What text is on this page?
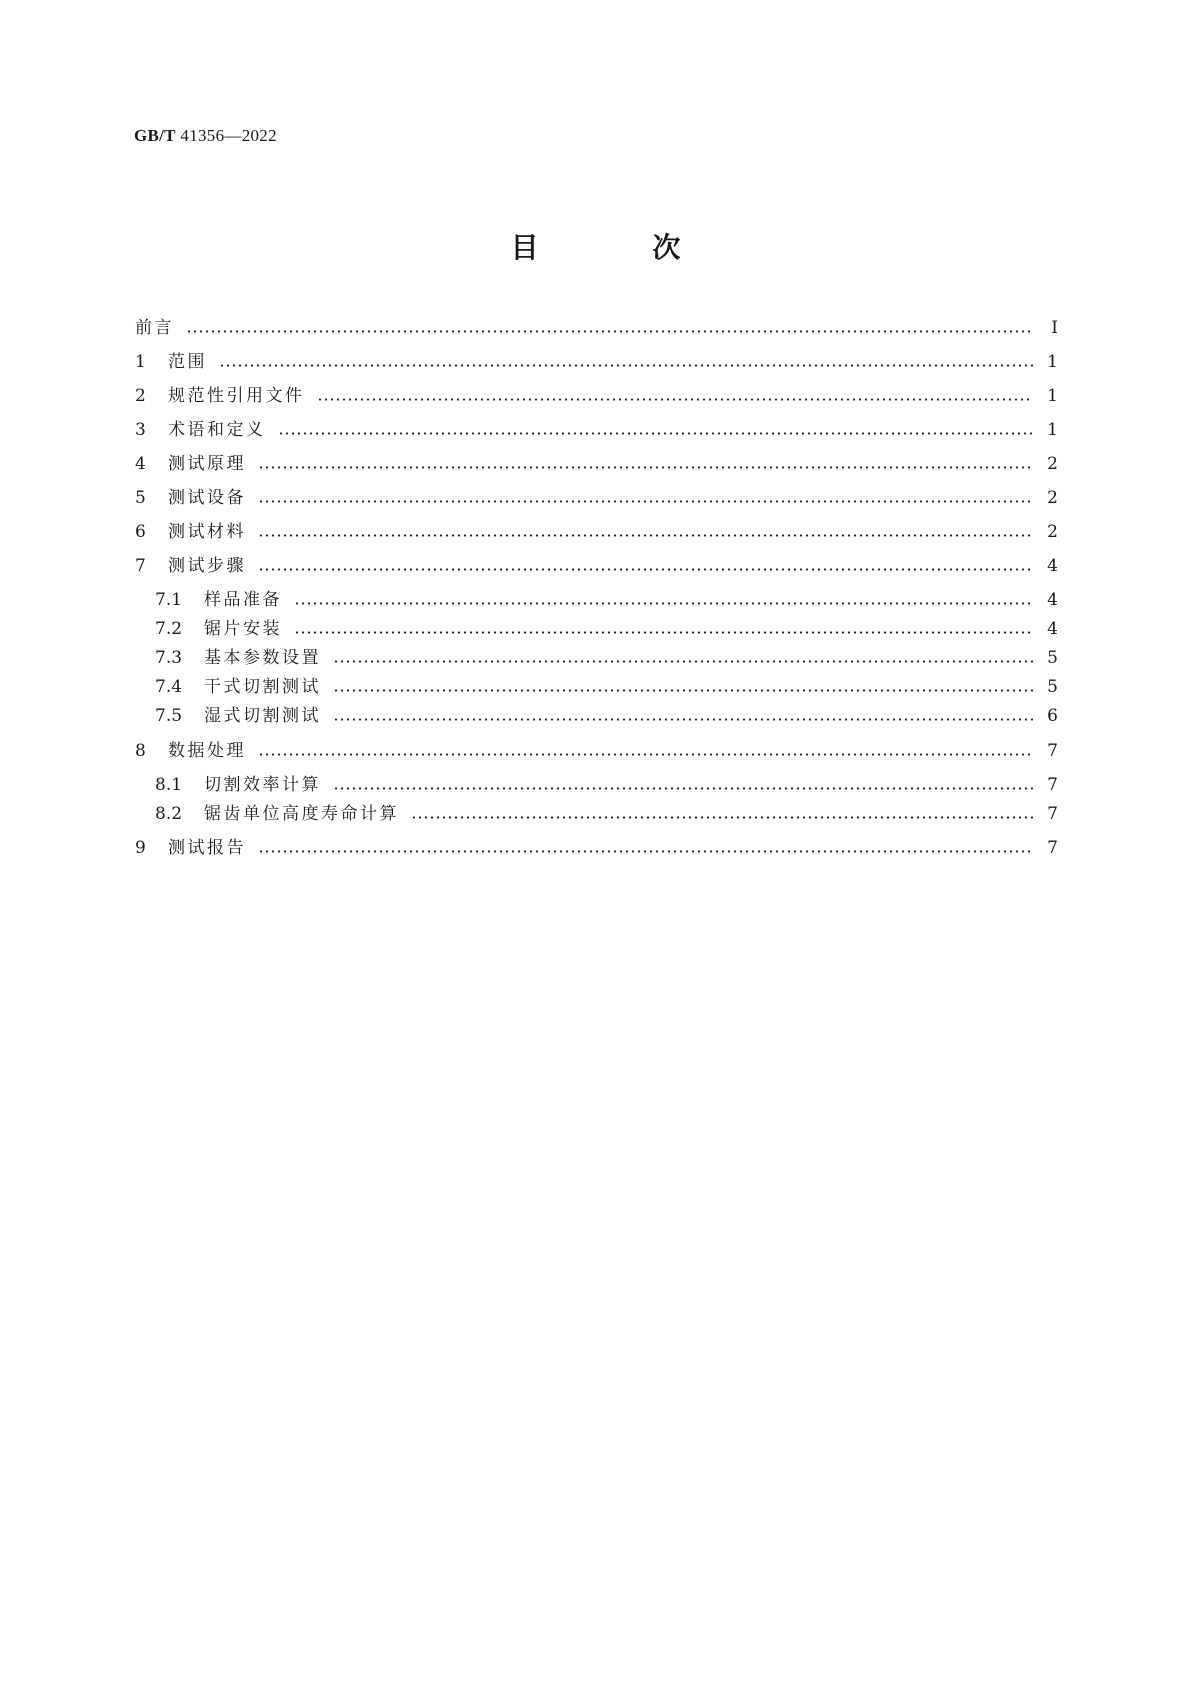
GB/T 41356—2022
目 次
前言	Ⅰ
1	范围	1
2	规范性引用文件	1
3	术语和定义	1
4	测试原理	2
5	测试设备	2
6	测试材料	2
7	测试步骤	4
7.1	样品准备	4
7.2	锯片安装	4
7.3	基本参数设置	5
7.4	干式切割测试	5
7.5	湿式切割测试	6
8	数据处理	7
8.1	切割效率计算	7
8.2	锯齿单位高度寿命计算	7
9	测试报告	7
